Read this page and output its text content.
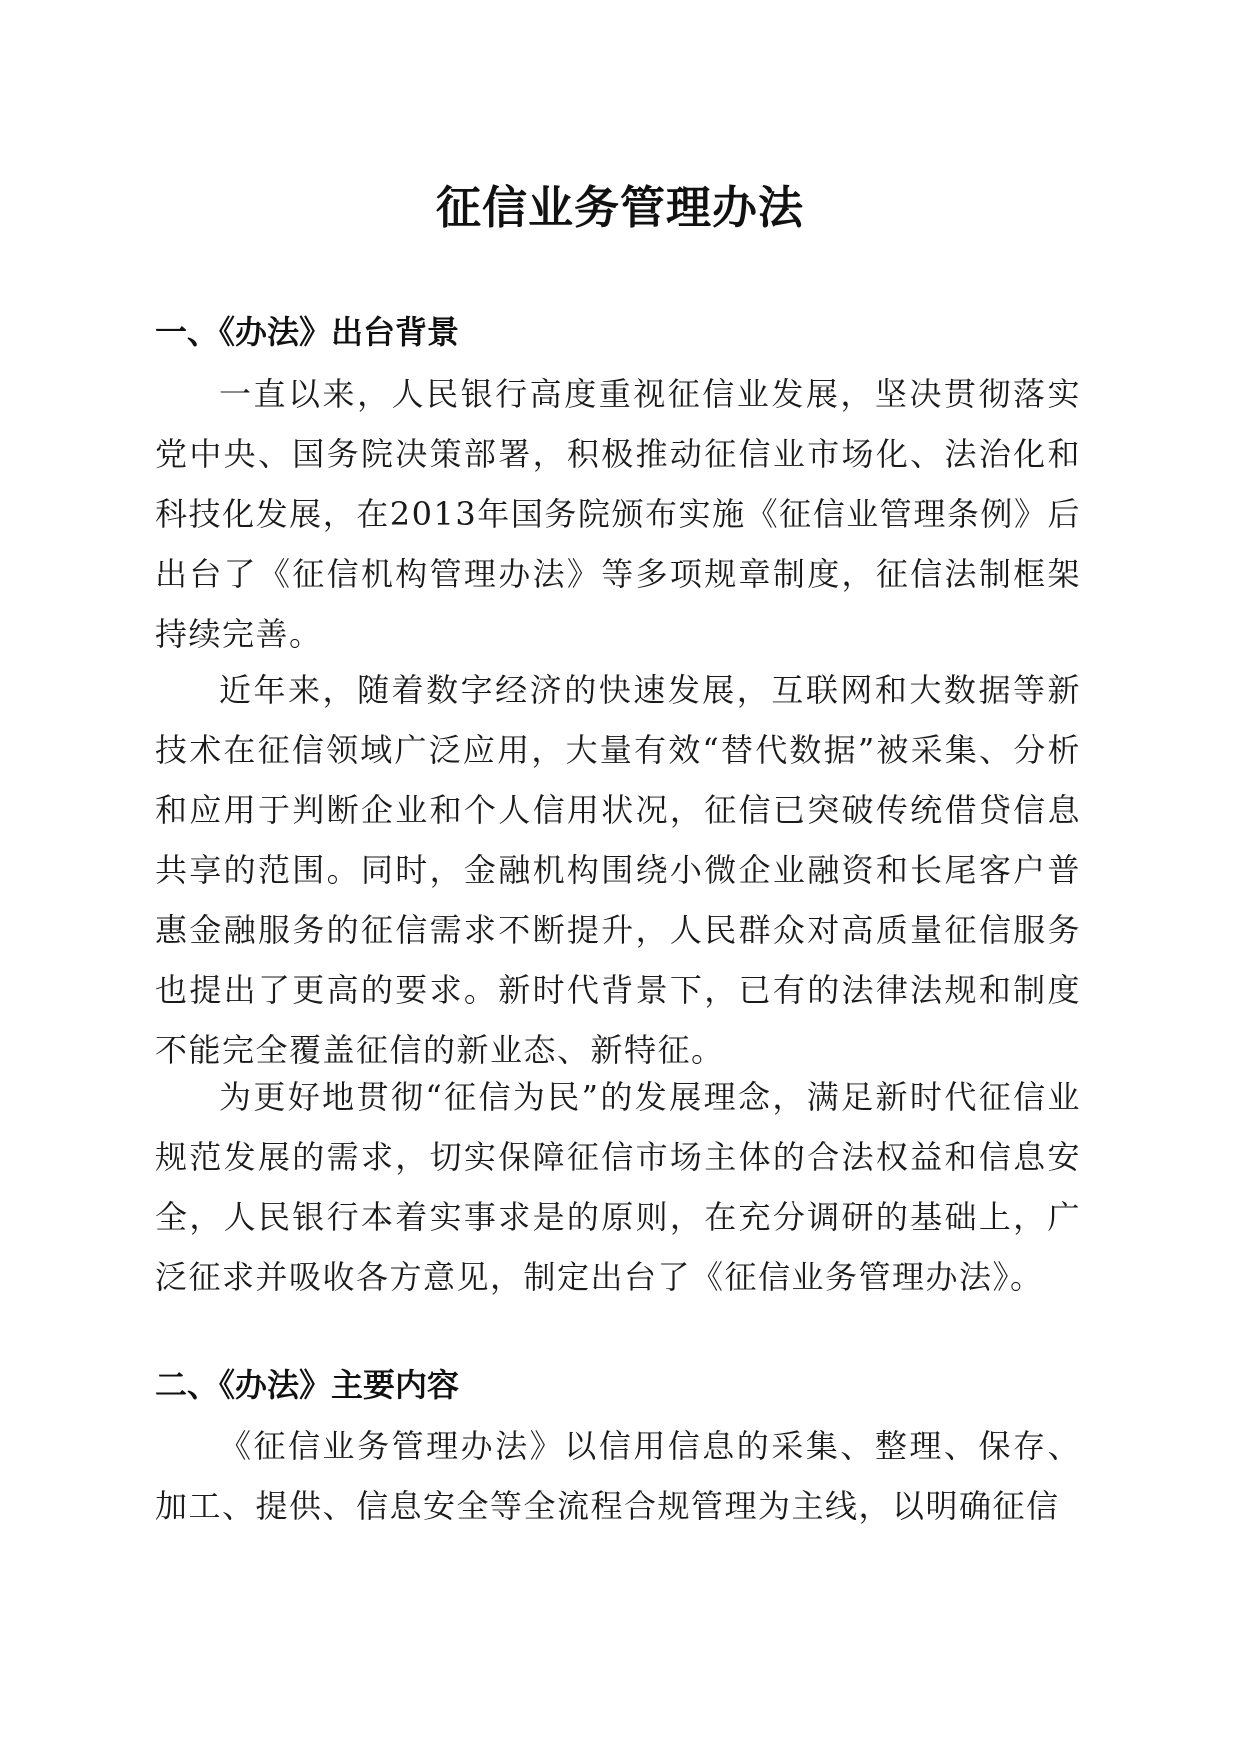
征信业务管理办法
一、《办法》出台背景

一直以来，人民银行高度重视征信业发展，坚决贯彻落实党中央、国务院决策部署，积极推动征信业市场化、法治化和科技化发展，在2013年国务院颁布实施《征信业管理条例》后出台了《征信机构管理办法》等多项规章制度，征信法制框架持续完善。

近年来，随着数字经济的快速发展，互联网和大数据等新技术在征信领域广泛应用，大量有效“替代数据”被采集、分析和应用于判断企业和个人信用状况，征信已突破传统借贷信息共享的范围。同时，金融机构围绕小微企业融资和长尾客户普惠金融服务的征信需求不断提升，人民群众对高质量征信服务也提出了更高的要求。新时代背景下，已有的法律法规和制度不能完全覆盖征信的新业态、新特征。

为更好地贯彻“征信为民”的发展理念，满足新时代征信业规范发展的需求，切实保障征信市场主体的合法权益和信息安全，人民银行本着实事求是的原则，在充分调研的基础上，广泛征求并吸收各方意见，制定出台了《征信业务管理办法》。

二、《办法》主要内容

《征信业务管理办法》以信用信息的采集、整理、保存、加工、提供、信息安全等全流程合规管理为主线，以明确征信
